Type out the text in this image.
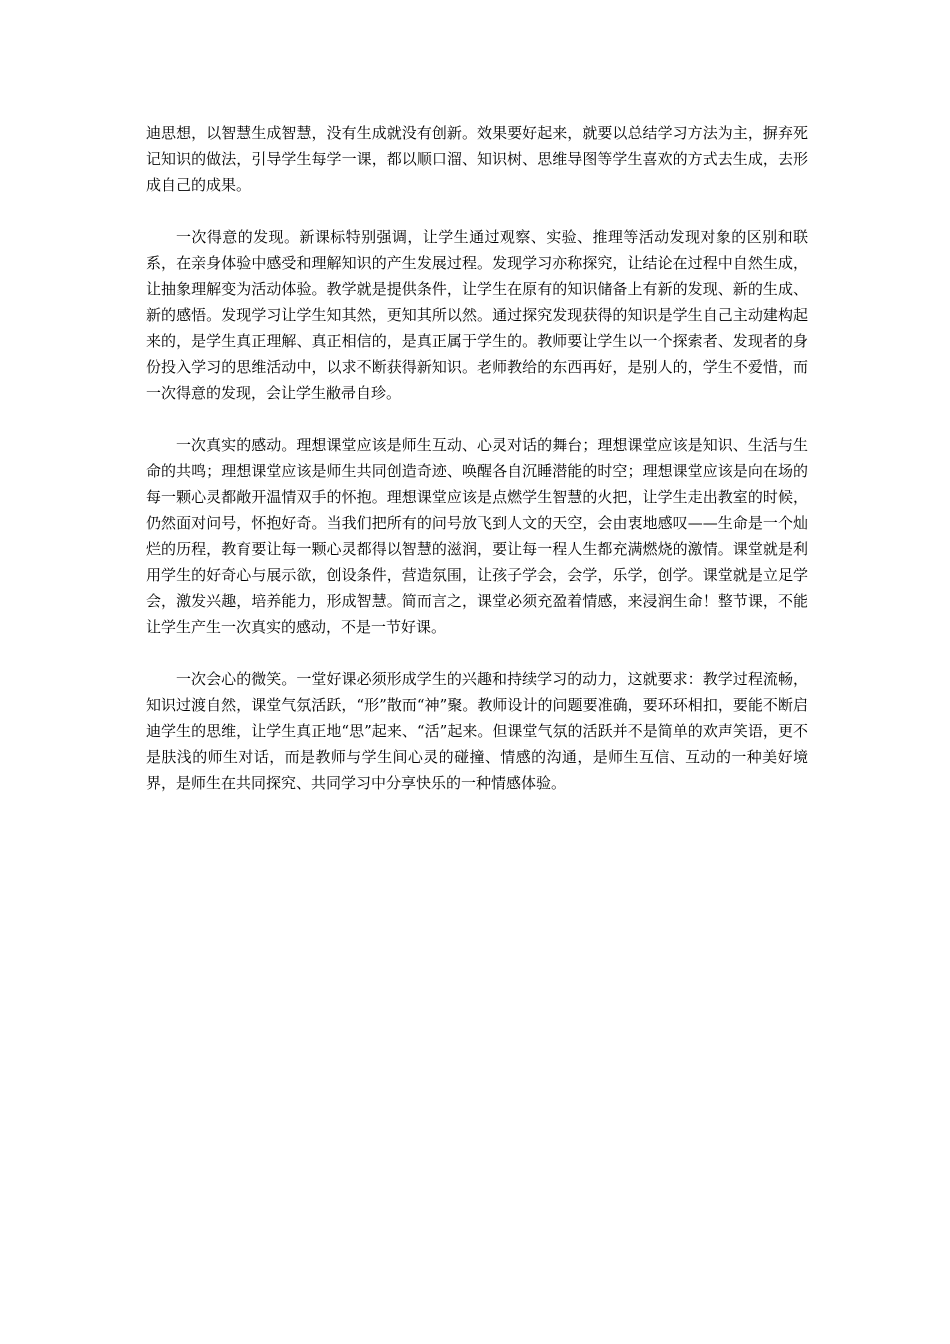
迪思想，以智慧生成智慧，没有生成就没有创新。效果要好起来，就要以总结学习方法为主，摒弃死记知识的做法，引导学生每学一课，都以顺口溜、知识树、思维导图等学生喜欢的方式去生成，去形成自己的成果。

一次得意的发现。新课标特别强调，让学生通过观察、实验、推理等活动发现对象的区别和联系，在亲身体验中感受和理解知识的产生发展过程。发现学习亦称探究，让结论在过程中自然生成，让抽象理解变为活动体验。教学就是提供条件，让学生在原有的知识储备上有新的发现、新的生成、新的感悟。发现学习让学生知其然，更知其所以然。通过探究发现获得的知识是学生自己主动建构起来的，是学生真正理解、真正相信的，是真正属于学生的。教师要让学生以一个探索者、发现者的身份投入学习的思维活动中，以求不断获得新知识。老师教给的东西再好，是别人的，学生不爱惜，而一次得意的发现，会让学生敝帚自珍。

一次真实的感动。理想课堂应该是师生互动、心灵对话的舞台；理想课堂应该是知识、生活与生命的共鸣；理想课堂应该是师生共同创造奇迹、唤醒各自沉睡潜能的时空；理想课堂应该是向在场的每一颗心灵都敞开温情双手的怀抱。理想课堂应该是点燃学生智慧的火把，让学生走出教室的时候，仍然面对问号，怀抱好奇。当我们把所有的问号放飞到人文的天空，会由衷地感叹——生命是一个灿烂的历程，教育要让每一颗心灵都得以智慧的滋润，要让每一程人生都充满燃烧的激情。课堂就是利用学生的好奇心与展示欲，创设条件，营造氛围，让孩子学会，会学，乐学，创学。课堂就是立足学会，激发兴趣，培养能力，形成智慧。简而言之，课堂必须充盈着情感，来浸润生命！整节课，不能让学生产生一次真实的感动，不是一节好课。

一次会心的微笑。一堂好课必须形成学生的兴趣和持续学习的动力，这就要求：教学过程流畅，知识过渡自然，课堂气氛活跃，“形”散而“神”聚。教师设计的问题要准确，要环环相扣，要能不断启迪学生的思维，让学生真正地“思”起来、“活”起来。但课堂气氛的活跃并不是简单的欢声笑语，更不是肤浅的师生对话，而是教师与学生间心灵的碰撞、情感的沟通，是师生互信、互动的一种美好境界，是师生在共同探究、共同学习中分享快乐的一种情感体验。
